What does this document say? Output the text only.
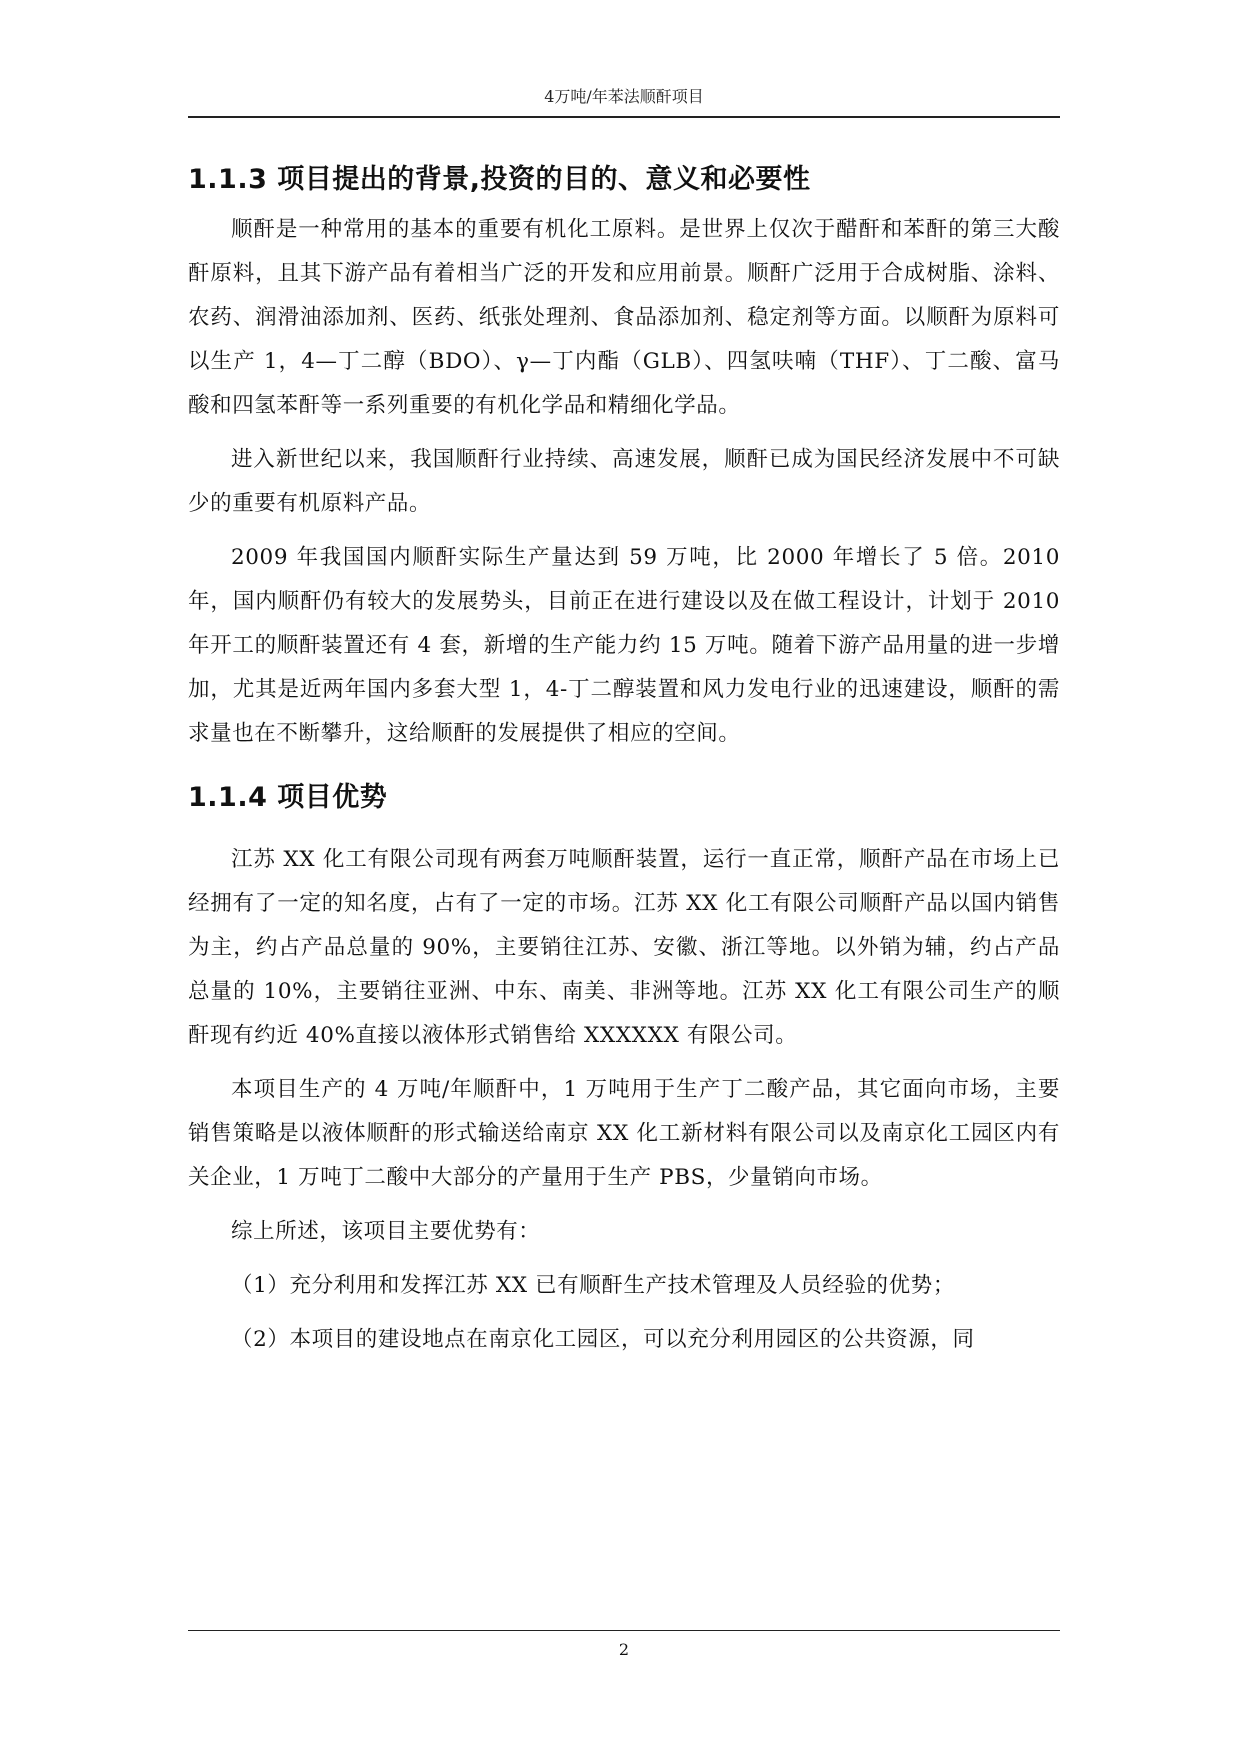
4万吨/年苯法顺酐项目
1.1.3 项目提出的背景,投资的目的、意义和必要性

顺酐是一种常用的基本的重要有机化工原料。是世界上仅次于醋酐和苯酐的第三大酸酐原料，且其下游产品有着相当广泛的开发和应用前景。顺酐广泛用于合成树脂、涂料、农药、润滑油添加剂、医药、纸张处理剂、食品添加剂、稳定剂等方面。以顺酐为原料可以生产 1，4—丁二醇（BDO）、γ—丁内酯（GLB）、四氢呋喃（THF）、丁二酸、富马酸和四氢苯酐等一系列重要的有机化学品和精细化学品。

进入新世纪以来，我国顺酐行业持续、高速发展，顺酐已成为国民经济发展中不可缺少的重要有机原料产品。

2009 年我国国内顺酐实际生产量达到 59 万吨，比 2000 年增长了 5 倍。2010 年，国内顺酐仍有较大的发展势头，目前正在进行建设以及在做工程设计，计划于 2010 年开工的顺酐装置还有 4 套，新增的生产能力约 15 万吨。随着下游产品用量的进一步增加，尤其是近两年国内多套大型 1，4-丁二醇装置和风力发电行业的迅速建设，顺酐的需求量也在不断攀升，这给顺酐的发展提供了相应的空间。

1.1.4 项目优势

江苏 XX 化工有限公司现有两套万吨顺酐装置，运行一直正常，顺酐产品在市场上已经拥有了一定的知名度，占有了一定的市场。江苏 XX 化工有限公司顺酐产品以国内销售为主，约占产品总量的 90%，主要销往江苏、安徽、浙江等地。以外销为辅，约占产品总量的 10%，主要销往亚洲、中东、南美、非洲等地。江苏 XX 化工有限公司生产的顺酐现有约近 40%直接以液体形式销售给 XXXXXX 有限公司。

本项目生产的 4 万吨/年顺酐中，1 万吨用于生产丁二酸产品，其它面向市场，主要销售策略是以液体顺酐的形式输送给南京 XX 化工新材料有限公司以及南京化工园区内有关企业，1 万吨丁二酸中大部分的产量用于生产 PBS，少量销向市场。

综上所述，该项目主要优势有：

（1）充分利用和发挥江苏 XX 已有顺酐生产技术管理及人员经验的优势；

（2）本项目的建设地点在南京化工园区，可以充分利用园区的公共资源，同

2
